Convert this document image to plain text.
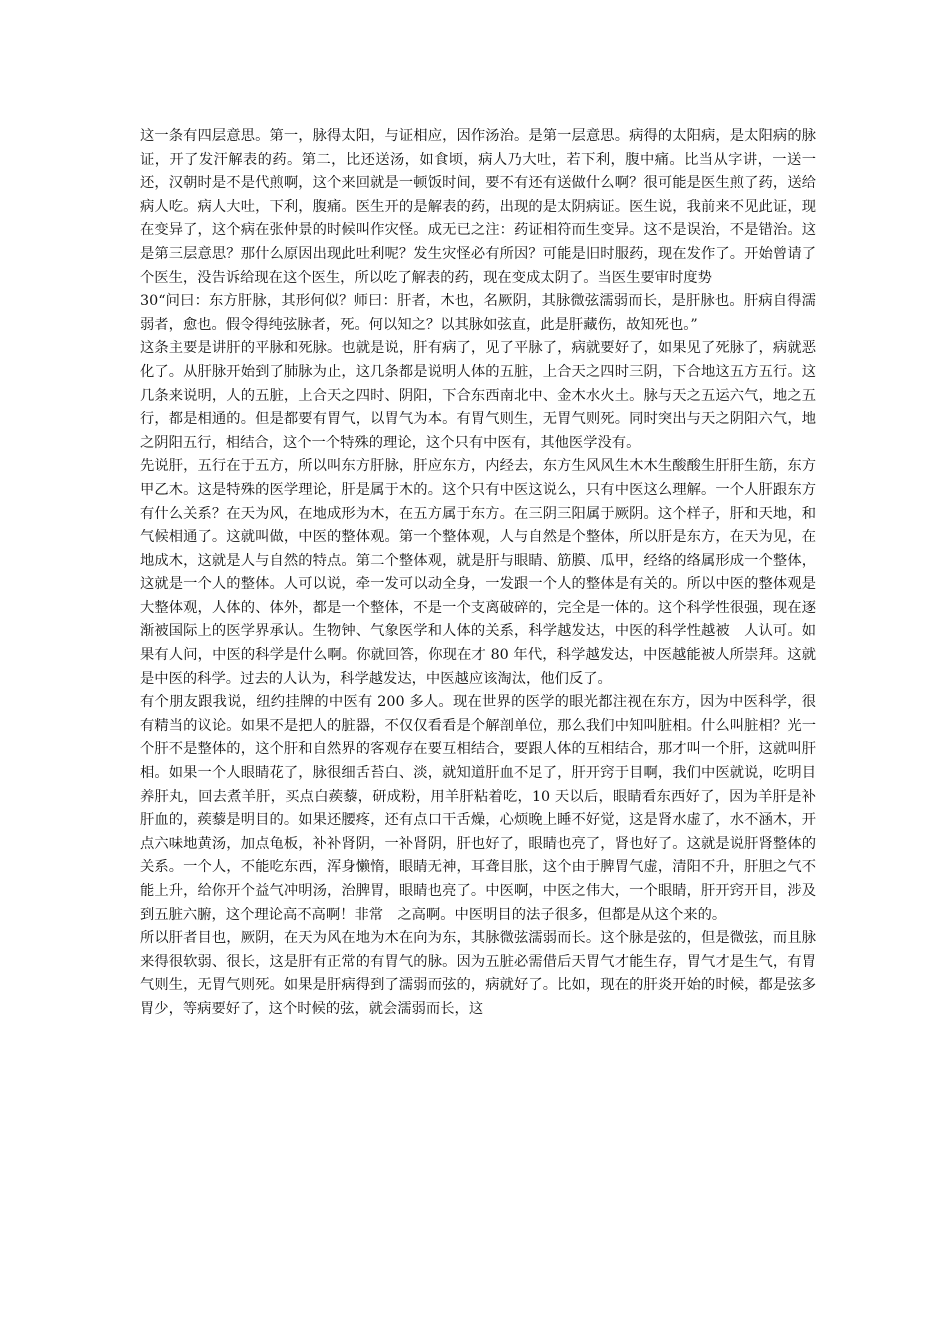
这一条有四层意思。第一，脉得太阳，与证相应，因作汤治。是第一层意思。病得的太阳病，是太阳病的脉证，开了发汗解表的药。第二，比还送汤，如食顷，病人乃大吐，若下利，腹中痛。比当从字讲，一送一还，汉朝时是不是代煎啊，这个来回就是一顿饭时间，要不有还有送做什么啊？很可能是医生煎了药，送给病人吃。病人大吐，下利，腹痛。医生开的是解表的药，出现的是太阴病证。医生说，我前来不见此证，现在变异了，这个病在张仲景的时候叫作灾怪。成无已之注：药证相符而生变异。这不是误治，不是错治。这是第三层意思？那什么原因出现此吐利呢？发生灾怪必有所因？可能是旧时服药，现在发作了。开始曾请了个医生，没告诉给现在这个医生，所以吃了解表的药，现在变成太阴了。当医生要审时度势

30“问曰：东方肝脉，其形何似？师曰：肝者，木也，名厥阴，其脉微弦濡弱而长，是肝脉也。肝病自得濡弱者，愈也。假令得纯弦脉者，死。何以知之？以其脉如弦直，此是肝藏伤，故知死也。”

这条主要是讲肝的平脉和死脉。也就是说，肝有病了，见了平脉了，病就要好了，如果见了死脉了，病就恶化了。从肝脉开始到了肺脉为止，这几条都是说明人体的五脏，上合天之四时三阴，下合地这五方五行。这几条来说明，人的五脏，上合天之四时、阴阳，下合东西南北中、金木水火土。脉与天之五运六气，地之五行，都是相通的。但是都要有胃气，以胃气为本。有胃气则生，无胃气则死。同时突出与天之阴阳六气，地之阴阳五行，相结合，这个一个特殊的理论，这个只有中医有，其他医学没有。

先说肝，五行在于五方，所以叫东方肝脉，肝应东方，内经去，东方生风风生木木生酸酸生肝肝生筋，东方甲乙木。这是特殊的医学理论，肝是属于木的。这个只有中医这说么，只有中医这么理解。一个人肝跟东方有什么关系？在天为风，在地成形为木，在五方属于东方。在三阴三阳属于厥阴。这个样子，肝和天地，和气候相通了。这就叫做，中医的整体观。第一个整体观，人与自然是个整体，所以肝是东方，在天为见，在地成木，这就是人与自然的特点。第二个整体观，就是肝与眼睛、筋膜、瓜甲，经络的络属形成一个整体，这就是一个人的整体。人可以说，牵一发可以动全身，一发跟一个人的整体是有关的。所以中医的整体观是大整体观，人体的、体外，都是一个整体，不是一个支离破碎的，完全是一体的。这个科学性很强，现在逐渐被国际上的医学界承认。生物钟、气象医学和人体的关系，科学越发达，中医的科学性越被　人认可。如果有人问，中医的科学是什么啊。你就回答，你现在才 80 年代，科学越发达，中医越能被人所崇拜。这就是中医的科学。过去的人认为，科学越发达，中医越应该淘汰，他们反了。

有个朋友跟我说，纽约挂牌的中医有 200 多人。现在世界的医学的眼光都注视在东方，因为中医科学，很有精当的议论。如果不是把人的脏器，不仅仅看看是个解剖单位，那么我们中知叫脏相。什么叫脏相？光一个肝不是整体的，这个肝和自然界的客观存在要互相结合，要跟人体的互相结合，那才叫一个肝，这就叫肝相。如果一个人眼睛花了，脉很细舌苔白、淡，就知道肝血不足了，肝开窍于目啊，我们中医就说，吃明目养肝丸，回去煮羊肝，买点白蒺藜，研成粉，用羊肝粘着吃，10 天以后，眼睛看东西好了，因为羊肝是补肝血的，蒺藜是明目的。如果还腰疼，还有点口干舌燥，心烦晚上睡不好觉，这是肾水虚了，水不涵木，开点六味地黄汤，加点龟板，补补肾阴，一补肾阴，肝也好了，眼睛也亮了，肾也好了。这就是说肝肾整体的关系。一个人，不能吃东西，浑身懒惰，眼睛无神，耳聋目胀，这个由于脾胃气虚，清阳不升，肝胆之气不能上升，给你开个益气冲明汤，治脾胃，眼睛也亮了。中医啊，中医之伟大，一个眼睛，肝开窍开目，涉及到五脏六腑，这个理论高不高啊！非常　之高啊。中医明目的法子很多，但都是从这个来的。

所以肝者目也，厥阴，在天为风在地为木在向为东，其脉微弦濡弱而长。这个脉是弦的，但是微弦，而且脉来得很软弱、很长，这是肝有正常的有胃气的脉。因为五脏必需借后天胃气才能生存，胃气才是生气，有胃气则生，无胃气则死。如果是肝病得到了濡弱而弦的，病就好了。比如，现在的肝炎开始的时候，都是弦多胃少，等病要好了，这个时候的弦，就会濡弱而长，这
